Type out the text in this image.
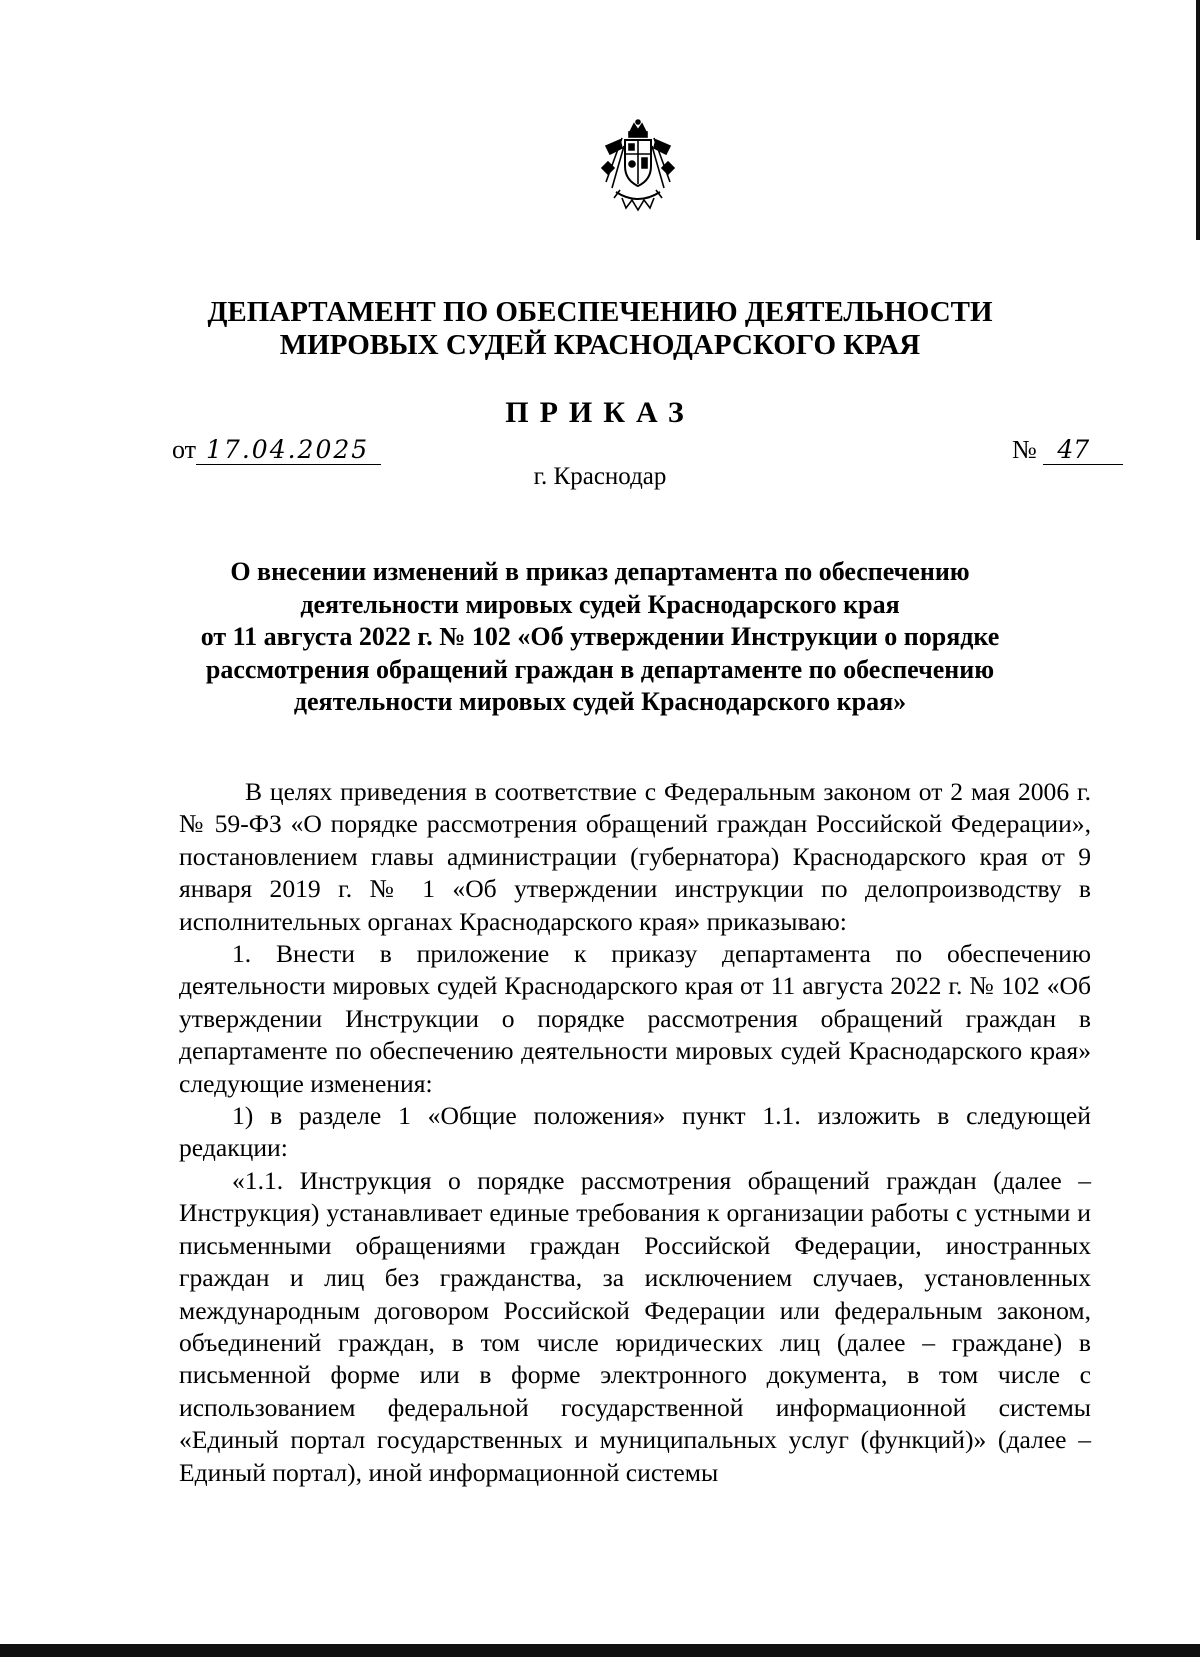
ДЕПАРТАМЕНТ ПО ОБЕСПЕЧЕНИЮ ДЕЯТЕЛЬНОСТИ
МИРОВЫХ СУДЕЙ КРАСНОДАРСКОГО КРАЯ
ПРИКАЗ
от 17.04.2025	№ 47
г. Краснодар
О внесении изменений в приказ департамента по обеспечению
деятельности мировых судей Краснодарского края
от 11 августа 2022 г. № 102 «Об утверждении Инструкции о порядке
рассмотрения обращений граждан в департаменте по обеспечению
деятельности мировых судей Краснодарского края»

В целях приведения в соответствие с Федеральным законом от 2 мая 2006 г. № 59-ФЗ «О порядке рассмотрения обращений граждан Российской Федерации», постановлением главы администрации (губернатора) Краснодарского края от 9 января 2019 г. № 1 «Об утверждении инструкции по делопроизводству в исполнительных органах Краснодарского края» приказываю:

1. Внести в приложение к приказу департамента по обеспечению деятельности мировых судей Краснодарского края от 11 августа 2022 г. № 102 «Об утверждении Инструкции о порядке рассмотрения обращений граждан в департаменте по обеспечению деятельности мировых судей Краснодарского края» следующие изменения:

1) в разделе 1 «Общие положения» пункт 1.1. изложить в следующей редакции:

«1.1. Инструкция о порядке рассмотрения обращений граждан (далее – Инструкция) устанавливает единые требования к организации работы с устными и письменными обращениями граждан Российской Федерации, иностранных граждан и лиц без гражданства, за исключением случаев, установленных международным договором Российской Федерации или федеральным законом, объединений граждан, в том числе юридических лиц (далее – граждане) в письменной форме или в форме электронного документа, в том числе с использованием федеральной государственной информационной системы «Единый портал государственных и муниципальных услуг (функций)» (далее – Единый портал), иной информационной системы
